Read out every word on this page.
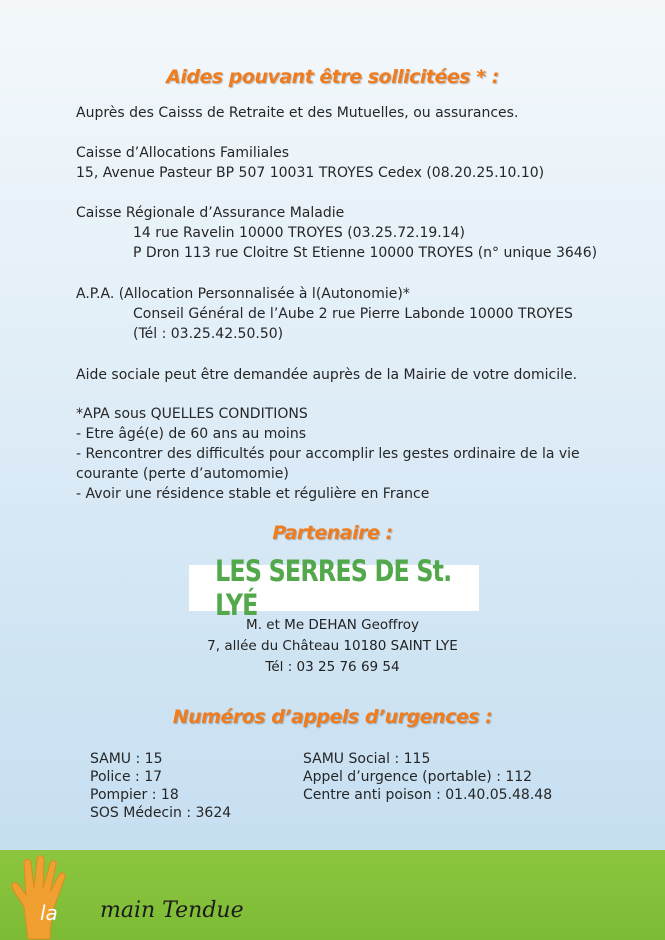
Aides pouvant être sollicitées * :
Auprès des Caisss de Retraite et des Mutuelles, ou assurances.
Caisse d’Allocations Familiales
15, Avenue Pasteur BP 507 10031 TROYES Cedex (08.20.25.10.10)
Caisse Régionale d’Assurance Maladie
14 rue Ravelin 10000 TROYES (03.25.72.19.14)
P Dron 113 rue Cloitre St Etienne 10000 TROYES (n° unique 3646)
A.P.A. (Allocation Personnalisée à l(Autonomie)*
Conseil Général de l’Aube 2 rue Pierre Labonde 10000 TROYES
(Tél : 03.25.42.50.50)
Aide sociale peut être demandée auprès de la Mairie de votre domicile.
*APA sous QUELLES CONDITIONS
- Etre âgé(e) de 60 ans au moins
- Rencontrer des difficultés pour accomplir les gestes ordinaire de la vie
courante (perte d’automomie)
- Avoir une résidence stable et régulière en France
Partenaire :
LES SERRES DE St. LYÉ
M. et Me DEHAN Geoffroy
7, allée du Château 10180 SAINT LYE
Tél : 03 25 76 69 54
Numéros d’appels d’urgences :
SAMU : 15
Police : 17
Pompier : 18
SOS Médecin : 3624
SAMU Social : 115
Appel d’urgence (portable) : 112
Centre anti poison : 01.40.05.48.48
la main Tendue
